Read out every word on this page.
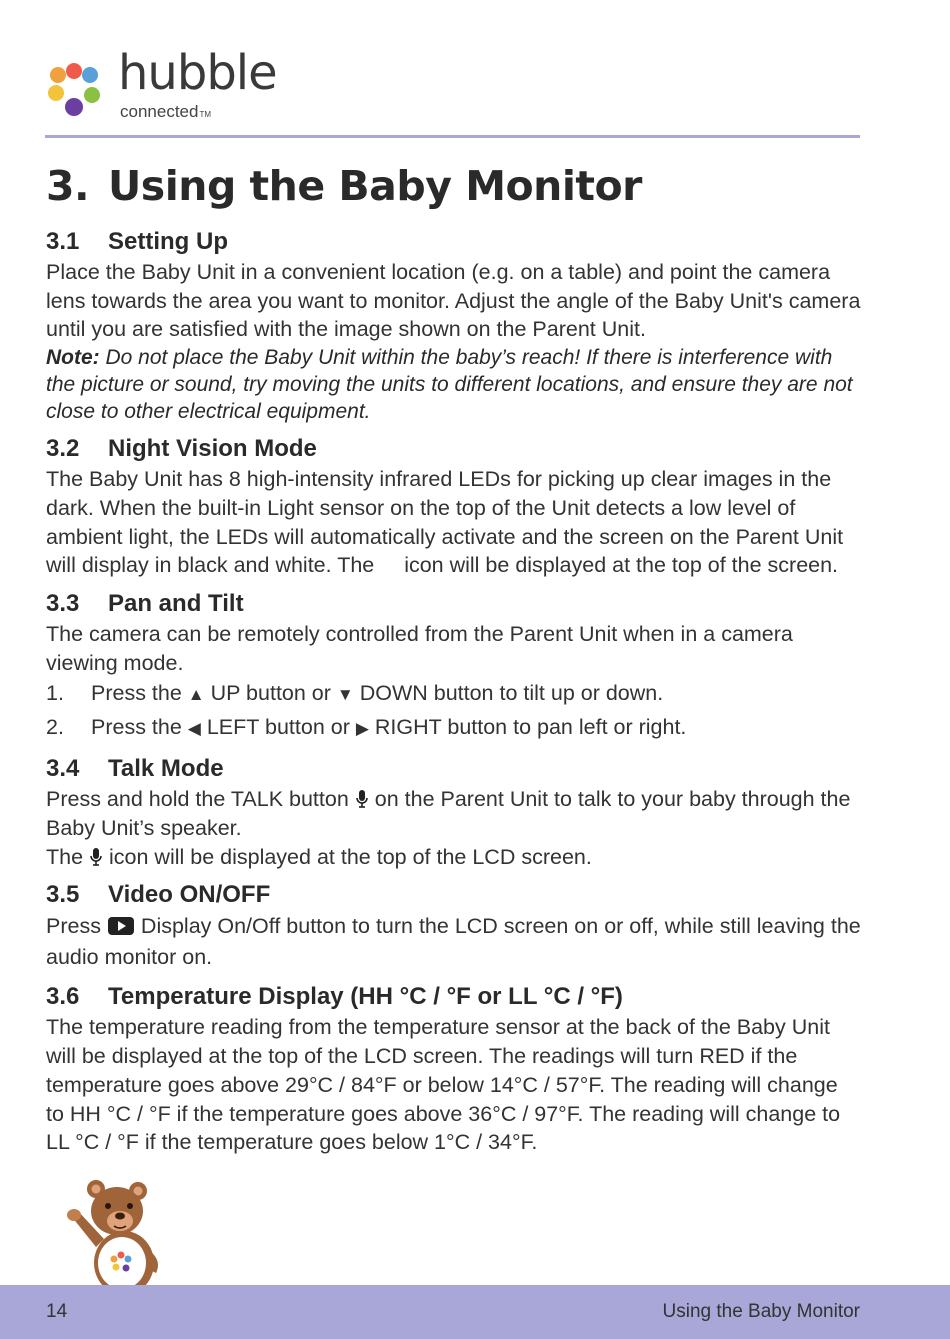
hubble
connectedTM
3. Using the Baby Monitor
3.1 Setting Up

Place the Baby Unit in a convenient location (e.g. on a table) and point the camera lens towards the area you want to monitor. Adjust the angle of the Baby Unit's camera until you are satisfied with the image shown on the Parent Unit.

Note: Do not place the Baby Unit within the baby’s reach! If there is interference with the picture or sound, try moving the units to different locations, and ensure they are not close to other electrical equipment.

3.2 Night Vision Mode

The Baby Unit has 8 high-intensity infrared LEDs for picking up clear images in the dark. When the built-in Light sensor on the top of the Unit detects a low level of ambient light, the LEDs will automatically activate and the screen on the Parent Unit will display in black and white. The  icon will be displayed at the top of the screen.

3.3 Pan and Tilt

The camera can be remotely controlled from the Parent Unit when in a camera viewing mode.

1.	Press the ▲ UP button or ▼ DOWN button to tilt up or down.
2.	Press the ◀ LEFT button or ▶ RIGHT button to pan left or right.
3.4 Talk Mode

Press and hold the TALK button  on the Parent Unit to talk to your baby through the Baby Unit’s speaker.

The  icon will be displayed at the top of the LCD screen.

3.5 Video ON/OFF

Press  Display On/Off button to turn the LCD screen on or off, while still leaving the audio monitor on.

3.6 Temperature Display (HH °C / °F or LL °C / °F)

The temperature reading from the temperature sensor at the back of the Baby Unit will be displayed at the top of the LCD screen. The readings will turn RED if the temperature goes above 29°C / 84°F or below 14°C / 57°F. The reading will change to HH °C / °F if the temperature goes above 36°C / 97°F. The reading will change to LL °C / °F if the temperature goes below 1°C / 34°F.

14	Using the Baby Monitor
